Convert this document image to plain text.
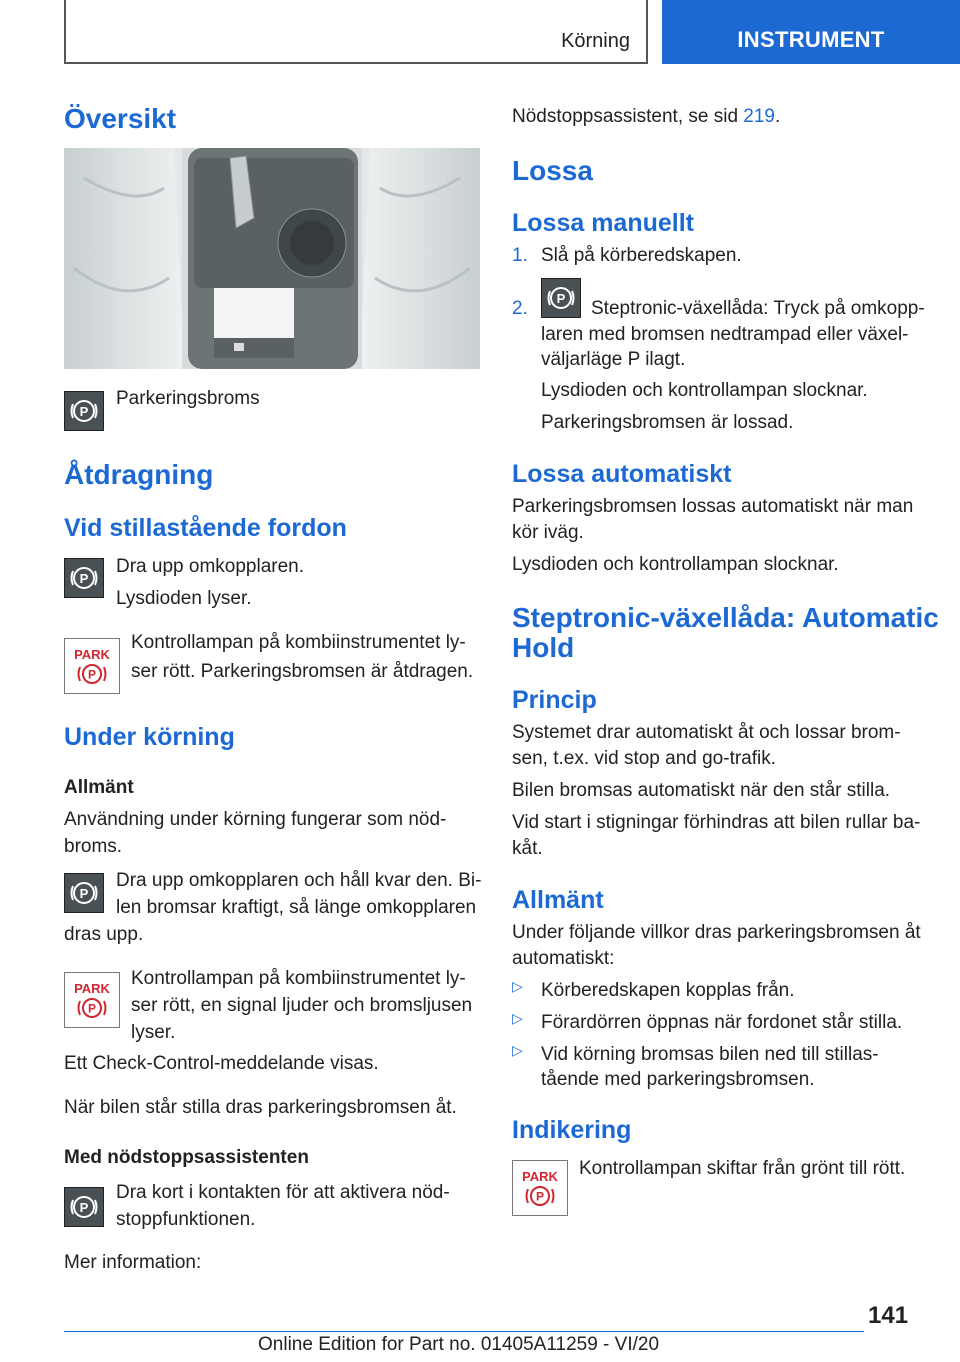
Körning	INSTRUMENT
Översikt
P
Parkeringsbroms
Åtdragning
Vid stillastående fordon
P
Dra upp omkopplaren.
Lysdioden lyser.
PARK
P
Kontrollampan på kombiinstrumentet ly-
ser rött. Parkeringsbromsen är åtdragen.
Under körning
Allmänt
Användning under körning fungerar som nöd-
broms.
P
Dra upp omkopplaren och håll kvar den. Bi-
len bromsar kraftigt, så länge omkopplaren
dras upp.
PARK
P
Kontrollampan på kombiinstrumentet ly-
ser rött, en signal ljuder och bromsljusen
lyser.
Ett Check-Control-meddelande visas.
När bilen står stilla dras parkeringsbromsen åt.
Med nödstoppsassistenten
P
Dra kort i kontakten för att aktivera nöd-
stoppfunktionen.
Mer information:
Nödstoppsassistent, se sid 219.
Lossa
Lossa manuellt
1. Slå på körberedskapen.
2. P Steptronic-växellåda: Tryck på omkopp-
laren med bromsen nedtrampad eller växel-
väljarläge P ilagt.
Lysdioden och kontrollampan slocknar.
Parkeringsbromsen är lossad.
Lossa automatiskt
Parkeringsbromsen lossas automatiskt när man
kör iväg.
Lysdioden och kontrollampan slocknar.
Steptronic-växellåda: Automatic
Hold
Princip
Systemet drar automatiskt åt och lossar brom-
sen, t.ex. vid stop and go-trafik.
Bilen bromsas automatiskt när den står stilla.
Vid start i stigningar förhindras att bilen rullar ba-
kåt.
Allmänt
Under följande villkor dras parkeringsbromsen åt
automatiskt:
▷ Körberedskapen kopplas från.
▷ Förardörren öppnas när fordonet står stilla.
▷ Vid körning bromsas bilen ned till stillas-
tående med parkeringsbromsen.
Indikering
PARK
P
Kontrollampan skiftar från grönt till rött.
141
Online Edition for Part no. 01405A11259 - VI/20
